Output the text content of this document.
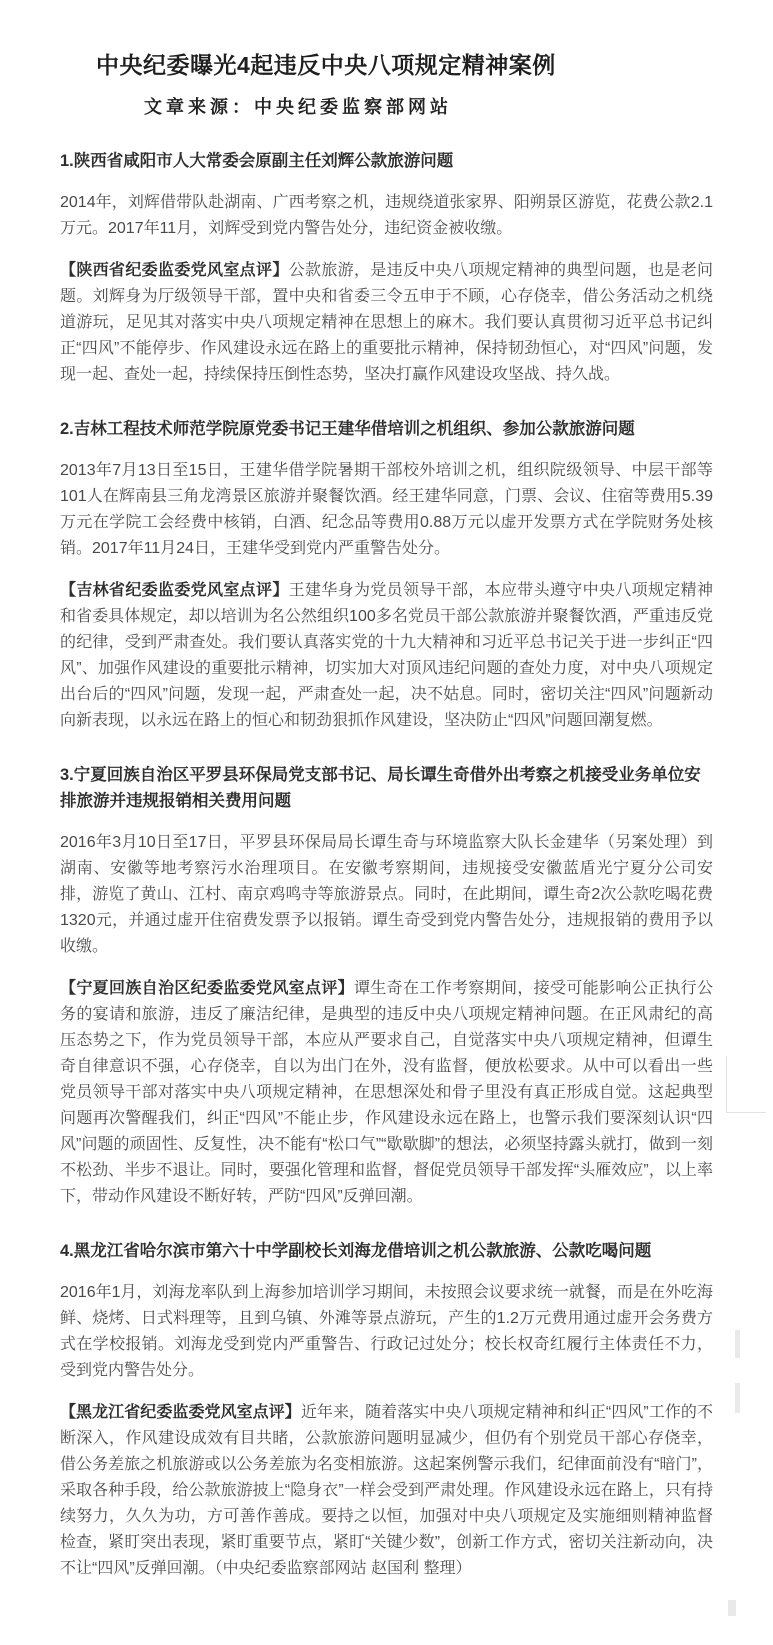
中央纪委曝光4起违反中央八项规定精神案例
文章来源：中央纪委监察部网站
1.陕西省咸阳市人大常委会原副主任刘辉公款旅游问题

2014年，刘辉借带队赴湖南、广西考察之机，违规绕道张家界、阳朔景区游览，花费公款2.1万元。2017年11月，刘辉受到党内警告处分，违纪资金被收缴。

【陕西省纪委监委党风室点评】公款旅游，是违反中央八项规定精神的典型问题，也是老问题。刘辉身为厅级领导干部，置中央和省委三令五申于不顾，心存侥幸，借公务活动之机绕道游玩，足见其对落实中央八项规定精神在思想上的麻木。我们要认真贯彻习近平总书记纠正“四风”不能停步、作风建设永远在路上的重要批示精神，保持韧劲恒心，对“四风”问题，发现一起、查处一起，持续保持压倒性态势，坚决打赢作风建设攻坚战、持久战。

2.吉林工程技术师范学院原党委书记王建华借培训之机组织、参加公款旅游问题

2013年7月13日至15日，王建华借学院暑期干部校外培训之机，组织院级领导、中层干部等101人在辉南县三角龙湾景区旅游并聚餐饮酒。经王建华同意，门票、会议、住宿等费用5.39万元在学院工会经费中核销，白酒、纪念品等费用0.88万元以虚开发票方式在学院财务处核销。2017年11月24日，王建华受到党内严重警告处分。

【吉林省纪委监委党风室点评】王建华身为党员领导干部，本应带头遵守中央八项规定精神和省委具体规定，却以培训为名公然组织100多名党员干部公款旅游并聚餐饮酒，严重违反党的纪律，受到严肃查处。我们要认真落实党的十九大精神和习近平总书记关于进一步纠正“四风”、加强作风建设的重要批示精神，切实加大对顶风违纪问题的查处力度，对中央八项规定出台后的“四风”问题，发现一起，严肃查处一起，决不姑息。同时，密切关注“四风”问题新动向新表现，以永远在路上的恒心和韧劲狠抓作风建设，坚决防止“四风”问题回潮复燃。

3.宁夏回族自治区平罗县环保局党支部书记、局长谭生奇借外出考察之机接受业务单位安排旅游并违规报销相关费用问题

2016年3月10日至17日，平罗县环保局局长谭生奇与环境监察大队长金建华（另案处理）到湖南、安徽等地考察污水治理项目。在安徽考察期间，违规接受安徽蓝盾光宁夏分公司安排，游览了黄山、江村、南京鸡鸣寺等旅游景点。同时，在此期间，谭生奇2次公款吃喝花费1320元，并通过虚开住宿费发票予以报销。谭生奇受到党内警告处分，违规报销的费用予以收缴。

【宁夏回族自治区纪委监委党风室点评】谭生奇在工作考察期间，接受可能影响公正执行公务的宴请和旅游，违反了廉洁纪律，是典型的违反中央八项规定精神问题。在正风肃纪的高压态势之下，作为党员领导干部，本应从严要求自己，自觉落实中央八项规定精神，但谭生奇自律意识不强，心存侥幸，自以为出门在外，没有监督，便放松要求。从中可以看出一些党员领导干部对落实中央八项规定精神，在思想深处和骨子里没有真正形成自觉。这起典型问题再次警醒我们，纠正“四风”不能止步，作风建设永远在路上，也警示我们要深刻认识“四风”问题的顽固性、反复性，决不能有“松口气”“歇歇脚”的想法，必须坚持露头就打，做到一刻不松劲、半步不退让。同时，要强化管理和监督，督促党员领导干部发挥“头雁效应”，以上率下，带动作风建设不断好转，严防“四风”反弹回潮。

4.黑龙江省哈尔滨市第六十中学副校长刘海龙借培训之机公款旅游、公款吃喝问题

2016年1月，刘海龙率队到上海参加培训学习期间，未按照会议要求统一就餐，而是在外吃海鲜、烧烤、日式料理等，且到乌镇、外滩等景点游玩，产生的1.2万元费用通过虚开会务费方式在学校报销。刘海龙受到党内严重警告、行政记过处分；校长权奇红履行主体责任不力，受到党内警告处分。

【黑龙江省纪委监委党风室点评】近年来，随着落实中央八项规定精神和纠正“四风”工作的不断深入，作风建设成效有目共睹，公款旅游问题明显减少，但仍有个别党员干部心存侥幸，借公务差旅之机旅游或以公务差旅为名变相旅游。这起案例警示我们，纪律面前没有“暗门”，采取各种手段，给公款旅游披上“隐身衣”一样会受到严肃处理。作风建设永远在路上，只有持续努力，久久为功，方可善作善成。要持之以恒，加强对中央八项规定及实施细则精神监督检查，紧盯突出表现，紧盯重要节点，紧盯“关键少数”，创新工作方式，密切关注新动向，决不让“四风”反弹回潮。（中央纪委监察部网站 赵国利 整理）
